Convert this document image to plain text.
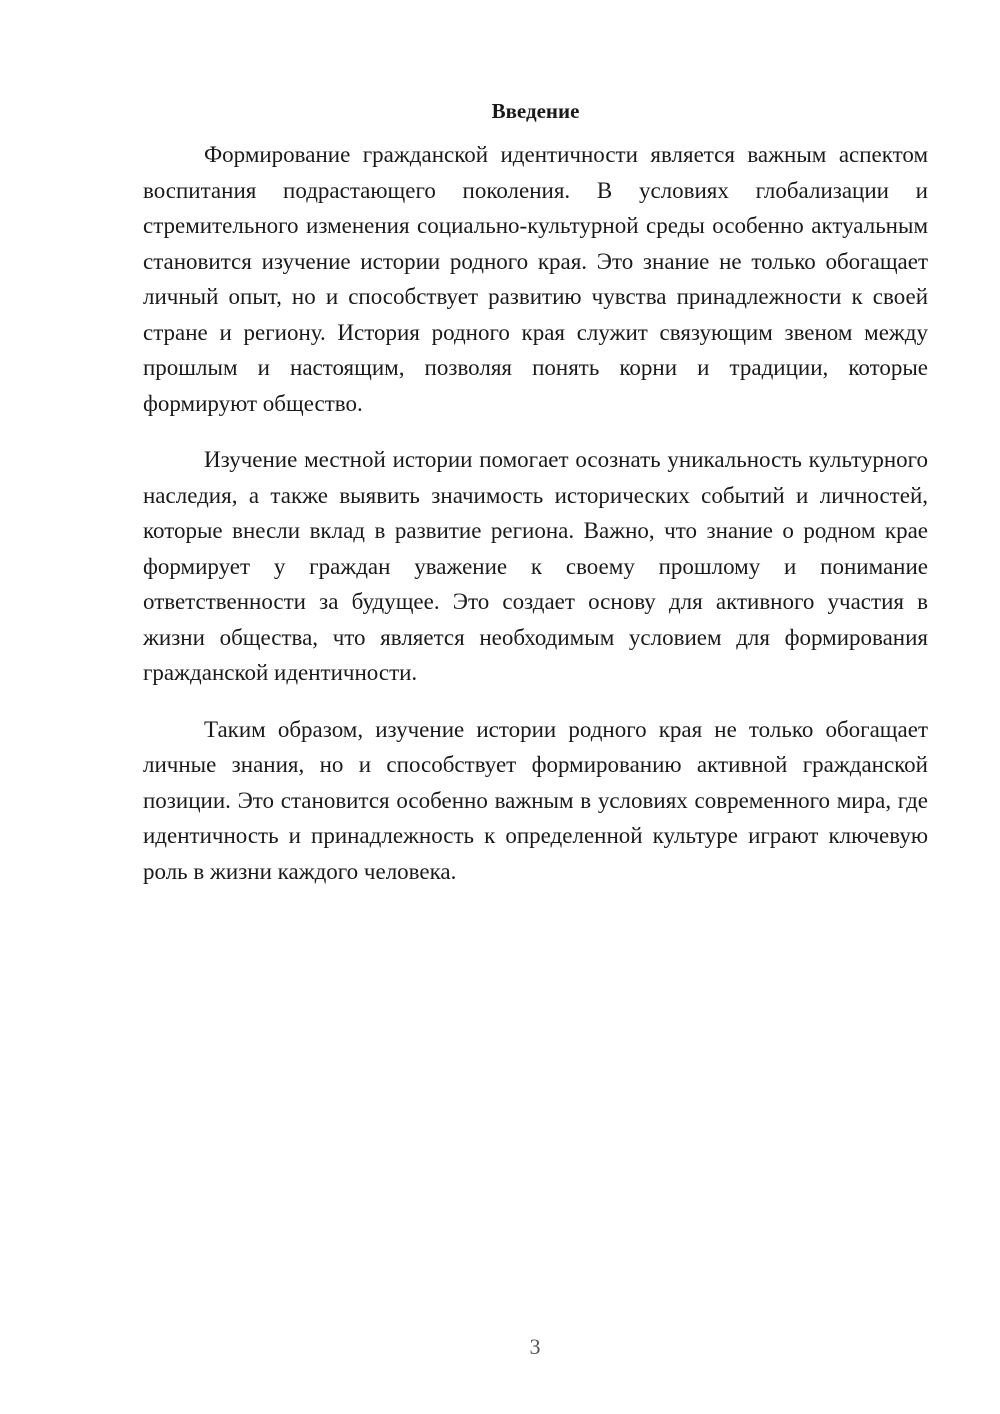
Введение

Формирование гражданской идентичности является важным аспектом воспитания подрастающего поколения. В условиях глобализации и стремительного изменения социально-культурной среды особенно актуальным становится изучение истории родного края. Это знание не только обогащает личный опыт, но и способствует развитию чувства принадлежности к своей стране и региону. История родного края служит связующим звеном между прошлым и настоящим, позволяя понять корни и традиции, которые формируют общество.

Изучение местной истории помогает осознать уникальность культурного наследия, а также выявить значимость исторических событий и личностей, которые внесли вклад в развитие региона. Важно, что знание о родном крае формирует у граждан уважение к своему прошлому и понимание ответственности за будущее. Это создает основу для активного участия в жизни общества, что является необходимым условием для формирования гражданской идентичности.

Таким образом, изучение истории родного края не только обогащает личные знания, но и способствует формированию активной гражданской позиции. Это становится особенно важным в условиях современного мира, где идентичность и принадлежность к определенной культуре играют ключевую роль в жизни каждого человека.

3
